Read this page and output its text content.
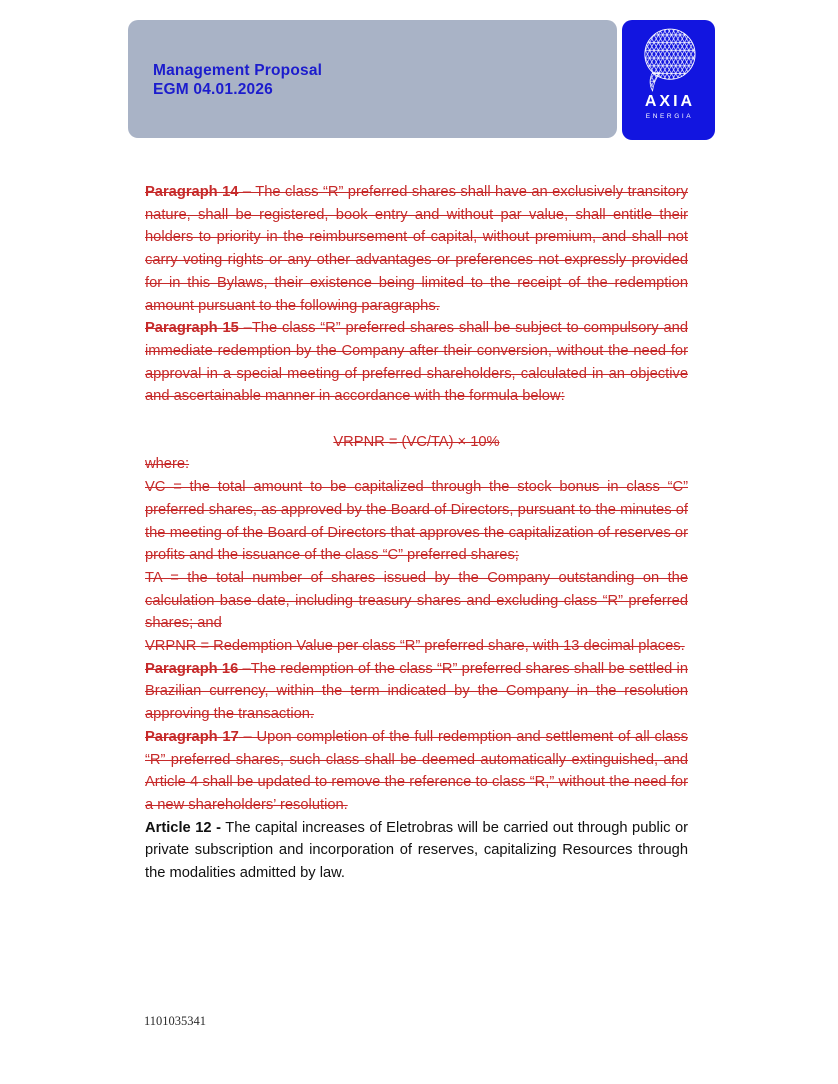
Management Proposal
EGM 04.01.2026
AXIA
ENERGIA

Paragraph 14 – The class “R” preferred shares shall have an exclusively transitory nature, shall be registered, book entry and without par value, shall entitle their holders to priority in the reimbursement of capital, without premium, and shall not carry voting rights or any other advantages or preferences not expressly provided for in this Bylaws, their existence being limited to the receipt of the redemption amount pursuant to the following paragraphs.

Paragraph 15 –The class “R” preferred shares shall be subject to compulsory and immediate redemption by the Company after their conversion, without the need for approval in a special meeting of preferred shareholders, calculated in an objective and ascertainable manner in accordance with the formula below:

VRPNR = (VC/TA) × 10%

where:

VC = the total amount to be capitalized through the stock bonus in class “C” preferred shares, as approved by the Board of Directors, pursuant to the minutes of the meeting of the Board of Directors that approves the capitalization of reserves or profits and the issuance of the class “C” preferred shares;

TA = the total number of shares issued by the Company outstanding on the calculation base date, including treasury shares and excluding class “R” preferred shares; and

VRPNR = Redemption Value per class “R” preferred share, with 13 decimal places.

Paragraph 16 –The redemption of the class “R” preferred shares shall be settled in Brazilian currency, within the term indicated by the Company in the resolution approving the transaction.

Paragraph 17 – Upon completion of the full redemption and settlement of all class “R” preferred shares, such class shall be deemed automatically extinguished, and Article 4 shall be updated to remove the reference to class “R,” without the need for a new shareholders’ resolution.

Article 12 - The capital increases of Eletrobras will be carried out through public or private subscription and incorporation of reserves, capitalizing Resources through the modalities admitted by law.

1101035341
